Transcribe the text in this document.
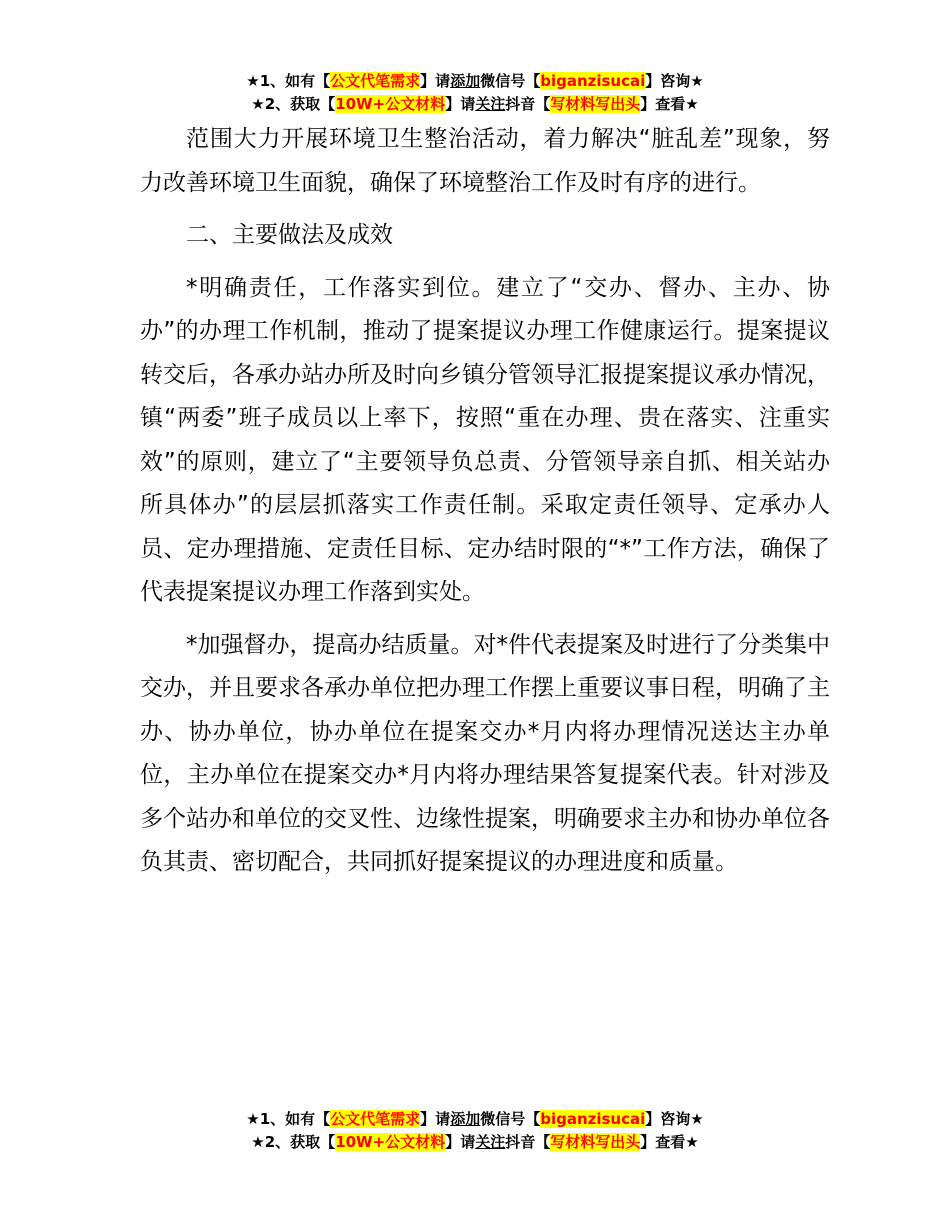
★1、如有【公文代笔需求】请添加微信号【biganzisucai】咨询★
★2、获取【10W+公文材料】请关注抖音【写材料写出头】查看★

范围大力开展环境卫生整治活动，着力解决“脏乱差”现象，努力改善环境卫生面貌，确保了环境整治工作及时有序的进行。

二、主要做法及成效

*明确责任，工作落实到位。建立了“交办、督办、主办、协办”的办理工作机制，推动了提案提议办理工作健康运行。提案提议转交后，各承办站办所及时向乡镇分管领导汇报提案提议承办情况，镇“两委”班子成员以上率下，按照“重在办理、贵在落实、注重实效”的原则，建立了“主要领导负总责、分管领导亲自抓、相关站办所具体办”的层层抓落实工作责任制。采取定责任领导、定承办人员、定办理措施、定责任目标、定办结时限的“*”工作方法，确保了代表提案提议办理工作落到实处。

*加强督办，提高办结质量。对*件代表提案及时进行了分类集中交办，并且要求各承办单位把办理工作摆上重要议事日程，明确了主办、协办单位，协办单位在提案交办*月内将办理情况送达主办单位，主办单位在提案交办*月内将办理结果答复提案代表。针对涉及多个站办和单位的交叉性、边缘性提案，明确要求主办和协办单位各负其责、密切配合，共同抓好提案提议的办理进度和质量。

★1、如有【公文代笔需求】请添加微信号【biganzisucai】咨询★
★2、获取【10W+公文材料】请关注抖音【写材料写出头】查看★
